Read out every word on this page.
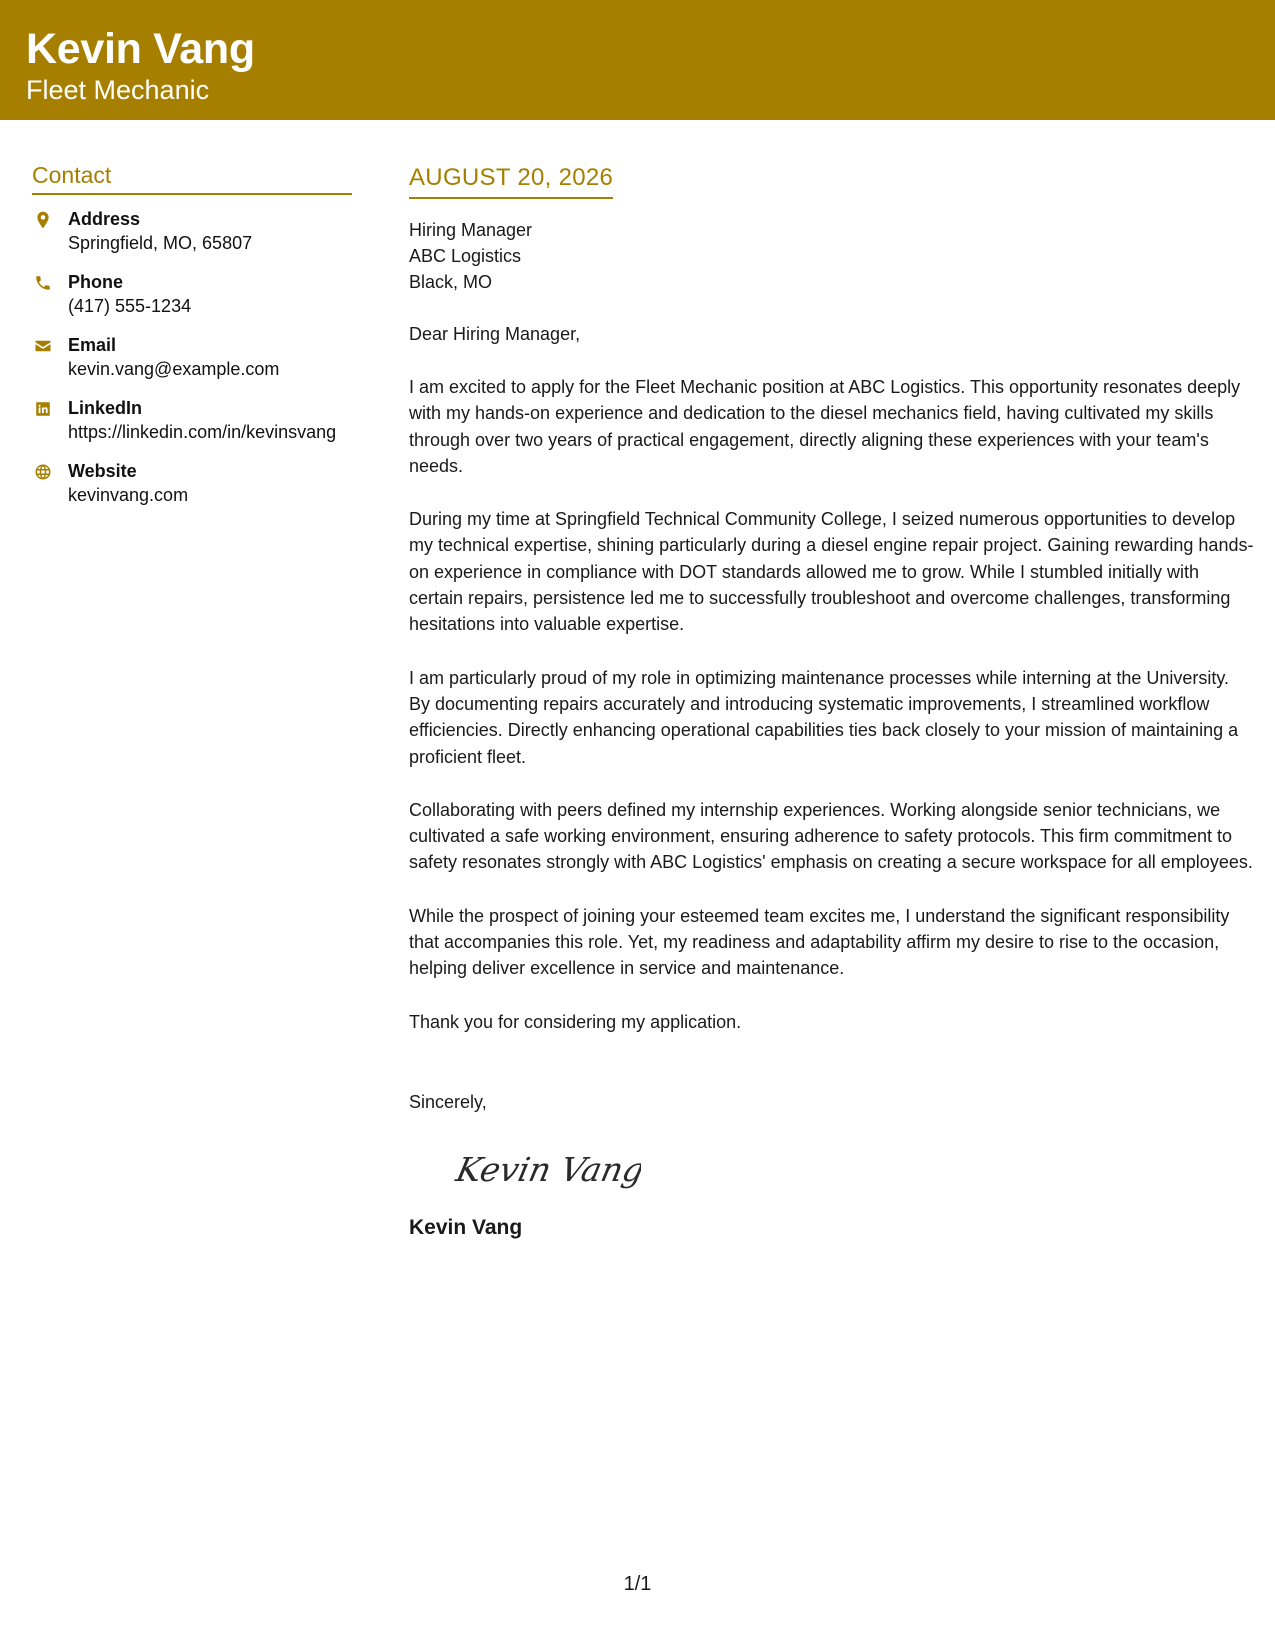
Kevin Vang
Fleet Mechanic
Contact
Address
Springfield, MO, 65807
Phone
(417) 555-1234
Email
kevin.vang@example.com
LinkedIn
https://linkedin.com/in/kevinsvang
Website
kevinvang.com
AUGUST 20, 2026
Hiring Manager
ABC Logistics
Black, MO
Dear Hiring Manager,

I am excited to apply for the Fleet Mechanic position at ABC Logistics. This opportunity resonates deeply with my hands-on experience and dedication to the diesel mechanics field, having cultivated my skills through over two years of practical engagement, directly aligning these experiences with your team's needs.

During my time at Springfield Technical Community College, I seized numerous opportunities to develop my technical expertise, shining particularly during a diesel engine repair project. Gaining rewarding hands-on experience in compliance with DOT standards allowed me to grow. While I stumbled initially with certain repairs, persistence led me to successfully troubleshoot and overcome challenges, transforming hesitations into valuable expertise.

I am particularly proud of my role in optimizing maintenance processes while interning at the University. By documenting repairs accurately and introducing systematic improvements, I streamlined workflow efficiencies. Directly enhancing operational capabilities ties back closely to your mission of maintaining a proficient fleet.

Collaborating with peers defined my internship experiences. Working alongside senior technicians, we cultivated a safe working environment, ensuring adherence to safety protocols. This firm commitment to safety resonates strongly with ABC Logistics' emphasis on creating a secure workspace for all employees.

While the prospect of joining your esteemed team excites me, I understand the significant responsibility that accompanies this role. Yet, my readiness and adaptability affirm my desire to rise to the occasion, helping deliver excellence in service and maintenance.

Thank you for considering my application.

Sincerely,
Kevin Vang
Kevin Vang
1/1
